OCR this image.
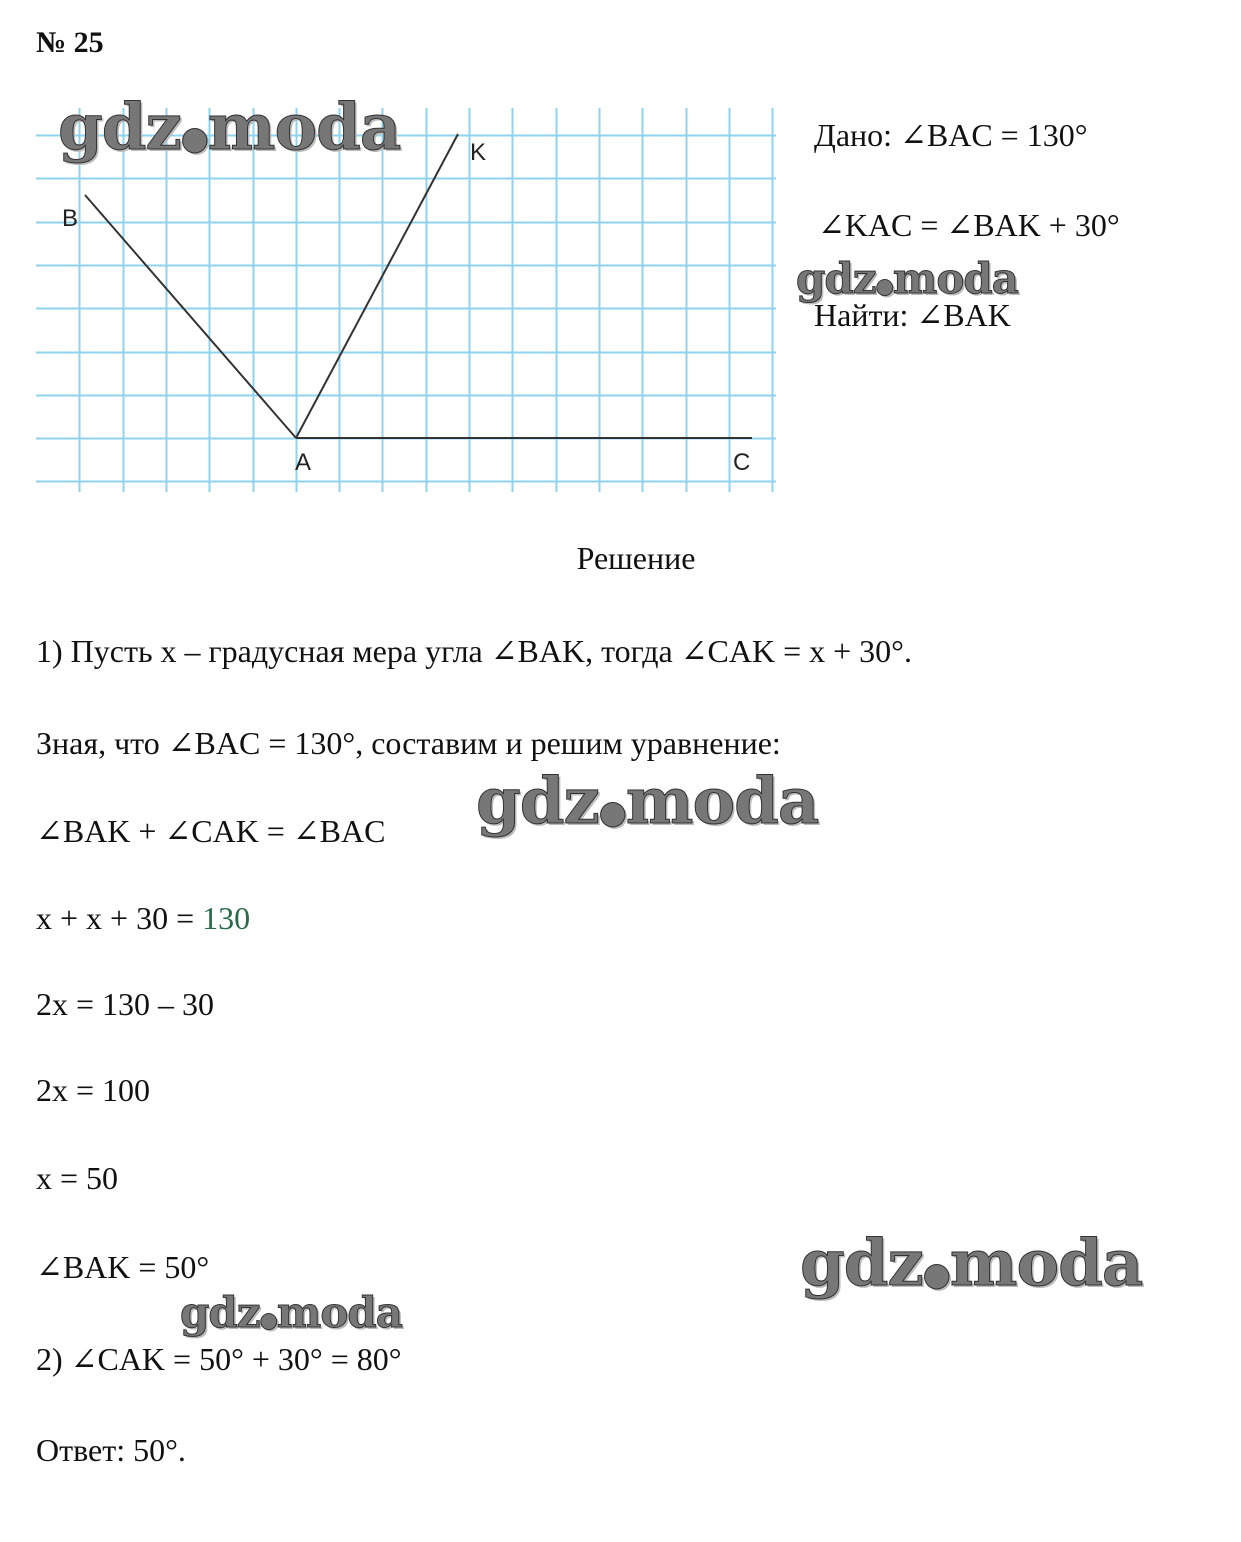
№ 25
B
K
A	C
Дано: ∠BAC = 130°
∠KAC = ∠BAK + 30°
Найти: ∠BAK
Решение
1) Пусть х – градусная мера угла ∠BAK, тогда ∠CAK = х + 30°.
Зная, что ∠BAC = 130°, составим и решим уравнение:
∠BAK + ∠CAK = ∠BAC
х + х + 30 = 130
2х = 130 – 30
2х = 100
х = 50
∠BAK = 50°
2) ∠CAK = 50° + 30° = 80°
Ответ: 50°.
gdz●moda
gdz●moda
gdz●moda
gdz●moda
gdz●moda
